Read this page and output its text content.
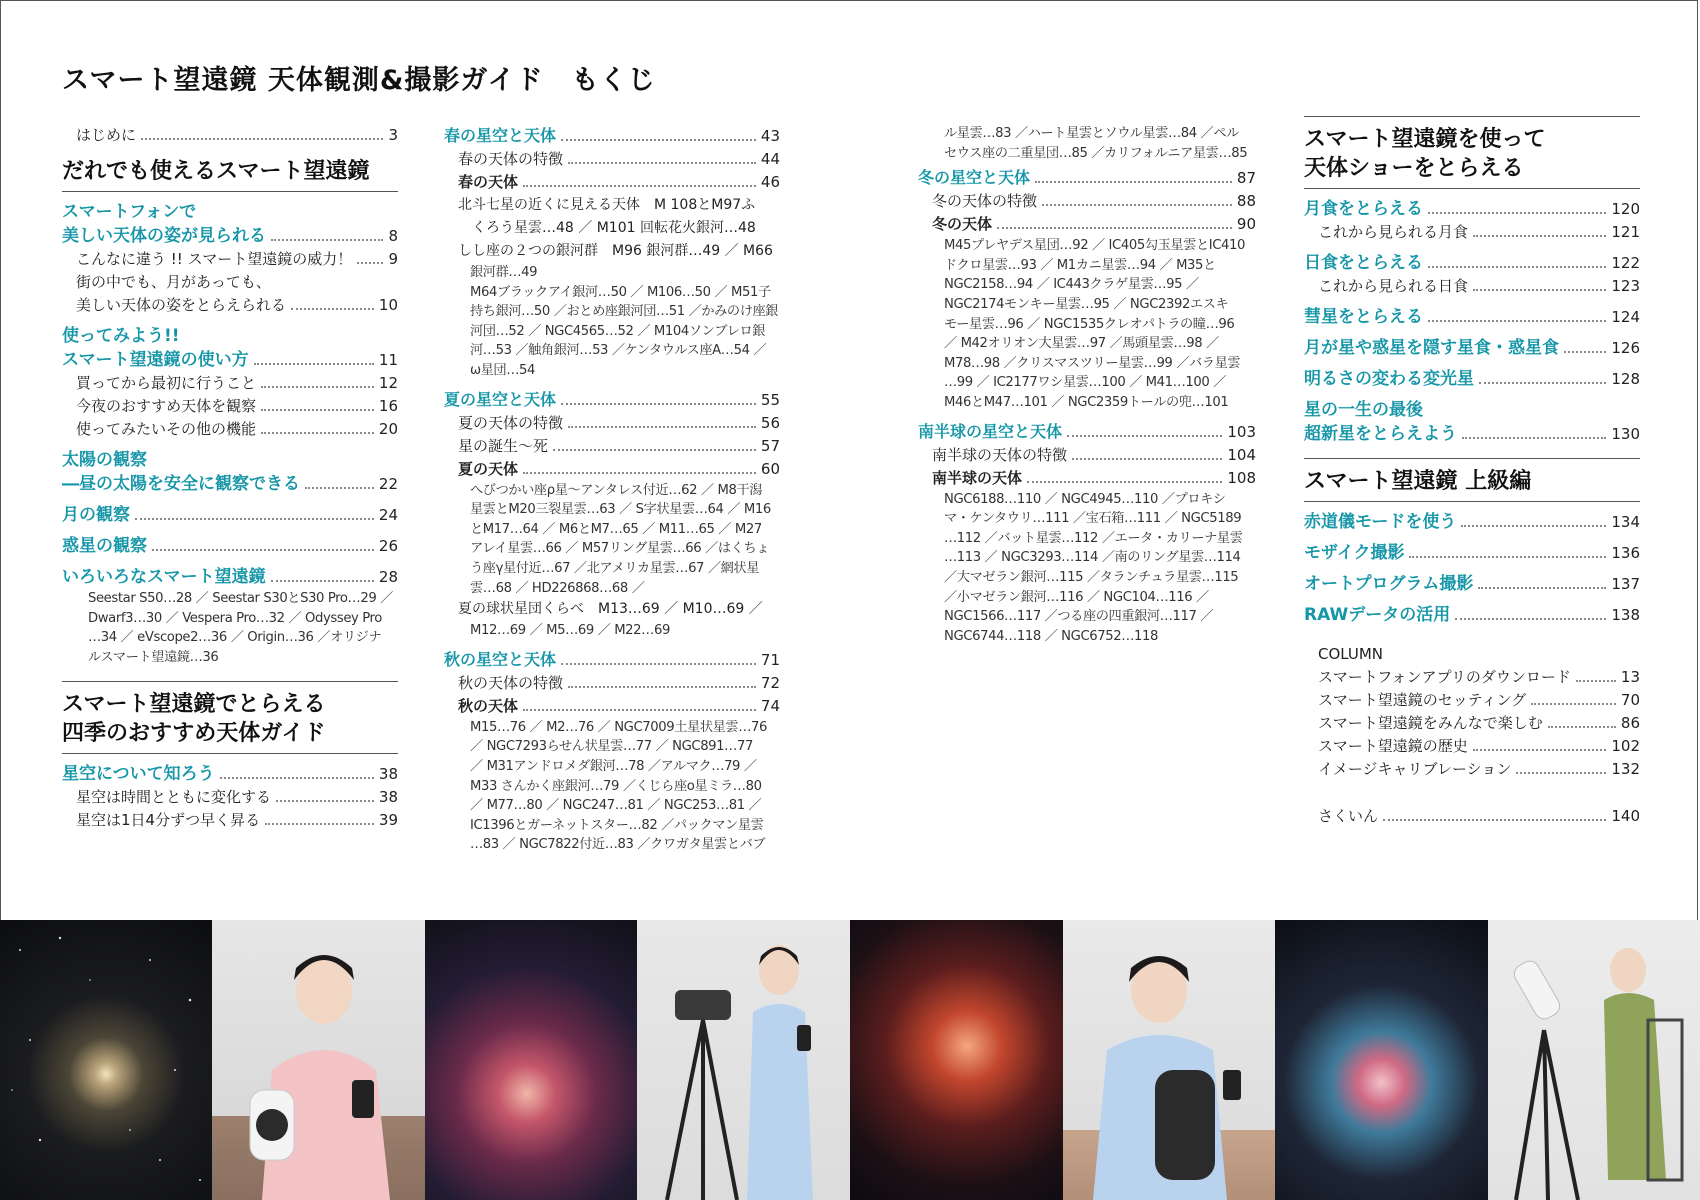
スマート望遠鏡 天体観測&撮影ガイド　もくじ
はじめに	3
だれでも使えるスマート望遠鏡
スマートフォンで
美しい天体の姿が見られる	8
こんなに違う !! スマート望遠鏡の威力！ 9
街の中でも、月があっても、
美しい天体の姿をとらえられる	10
使ってみよう!!
スマート望遠鏡の使い方	11
買ってから最初に行うこと	12
今夜のおすすめ天体を観察	16
使ってみたいその他の機能	20
太陽の観察
―昼の太陽を安全に観察できる	22
月の観察	24
惑星の観察	26
いろいろなスマート望遠鏡	28
Seestar S50…28 ／ Seestar S30とS30 Pro…29 ／
Dwarf3…30 ／ Vespera Pro…32 ／ Odyssey Pro
…34 ／ eVscope2…36 ／ Origin…36 ／オリジナ
ルスマート望遠鏡…36
スマート望遠鏡でとらえる
四季のおすすめ天体ガイド
星空について知ろう	38
星空は時間とともに変化する	38
星空は1日4分ずつ早く昇る	39
春の星空と天体	43
春の天体の特徴	44
春の天体	46
北斗七星の近くに見える天体　M 108とM97ふ
くろう星雲…48 ／ M101 回転花火銀河…48
しし座の２つの銀河群　M96 銀河群…49 ／ M66
銀河群…49
M64ブラックアイ銀河…50 ／ M106…50 ／ M51子
持ち銀河…50 ／おとめ座銀河団…51 ／かみのけ座銀
河団…52 ／ NGC4565…52 ／ M104ソンブレロ銀
河…53 ／触角銀河…53 ／ケンタウルス座A…54 ／
ω星団…54
夏の星空と天体	55
夏の天体の特徴	56
星の誕生～死	57
夏の天体	60
へびつかい座ρ星～アンタレス付近…62 ／ M8干潟
星雲とM20三裂星雲…63 ／ S字状星雲…64 ／ M16
とM17…64 ／ M6とM7…65 ／ M11…65 ／ M27
アレイ星雲…66 ／ M57リング星雲…66 ／はくちょ
う座γ星付近…67 ／北アメリカ星雲…67 ／網状星
雲…68 ／ HD226868…68 ／
夏の球状星団くらべ　M13…69 ／ M10…69 ／
M12…69 ／ M5…69 ／ M22…69
秋の星空と天体	71
秋の天体の特徴	72
秋の天体	74
M15…76 ／ M2…76 ／ NGC7009土星状星雲…76
／ NGC7293らせん状星雲…77 ／ NGC891…77
／ M31アンドロメダ銀河…78 ／アルマク…79 ／
M33 さんかく座銀河…79 ／くじら座ο星ミラ…80
／ M77…80 ／ NGC247…81 ／ NGC253…81 ／
IC1396とガーネットスター…82 ／パックマン星雲
…83 ／ NGC7822付近…83 ／クワガタ星雲とバブ
ル星雲…83 ／ハート星雲とソウル星雲…84 ／ペル
セウス座の二重星団…85 ／カリフォルニア星雲…85
冬の星空と天体	87
冬の天体の特徴	88
冬の天体	90
M45プレヤデス星団…92 ／ IC405勾玉星雲とIC410
ドクロ星雲…93 ／ M1カニ星雲…94 ／ M35と
NGC2158…94 ／ IC443クラゲ星雲…95 ／
NGC2174モンキー星雲…95 ／ NGC2392エスキ
モー星雲…96 ／ NGC1535クレオパトラの瞳…96
／ M42オリオン大星雲…97 ／馬頭星雲…98 ／
M78…98 ／クリスマスツリー星雲…99 ／バラ星雲
…99 ／ IC2177ワシ星雲…100 ／ M41…100 ／
M46とM47…101 ／ NGC2359トールの兜…101
南半球の星空と天体	103
南半球の天体の特徴	104
南半球の天体	108
NGC6188…110 ／ NGC4945…110 ／プロキシ
マ・ケンタウリ…111 ／宝石箱…111 ／ NGC5189
…112 ／バット星雲…112 ／エータ・カリーナ星雲
…113 ／ NGC3293…114 ／南のリング星雲…114
／大マゼラン銀河…115 ／タランチュラ星雲…115
／小マゼラン銀河…116 ／ NGC104…116 ／
NGC1566…117 ／つる座の四重銀河…117 ／
NGC6744…118 ／ NGC6752…118
スマート望遠鏡を使って
天体ショーをとらえる
月食をとらえる	120
これから見られる月食	121
日食をとらえる	122
これから見られる日食	123
彗星をとらえる	124
月が星や惑星を隠す星食・惑星食	126
明るさの変わる変光星	128
星の一生の最後
超新星をとらえよう	130
スマート望遠鏡 上級編
赤道儀モードを使う	134
モザイク撮影	136
オートプログラム撮影	137
RAWデータの活用	138
COLUMN
スマートフォンアプリのダウンロード	13
スマート望遠鏡のセッティング	70
スマート望遠鏡をみんなで楽しむ	86
スマート望遠鏡の歴史	102
イメージキャリブレーション	132
さくいん	140
